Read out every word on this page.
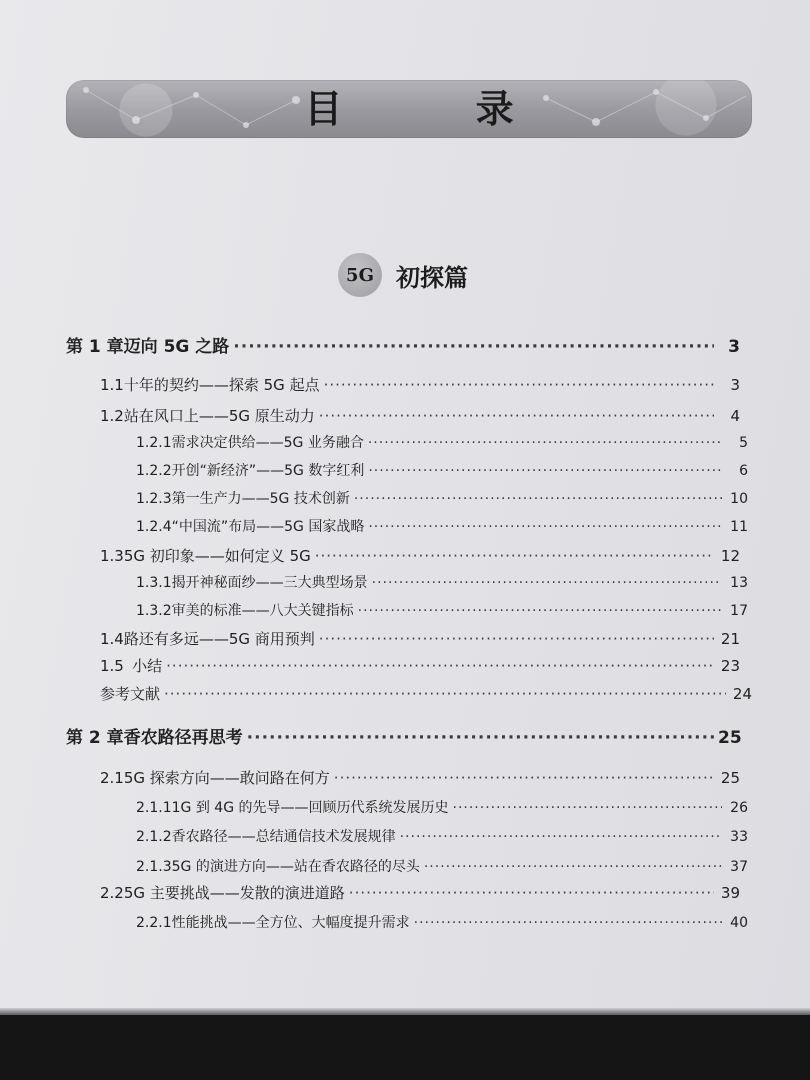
目 录
5G 初探篇
第 1 章 迈向 5G 之路 ·····	3
1.1 十年的契约——探索 5G 起点 ·····	3
1.2 站在风口上——5G 原生动力 ·····	4
1.2.1 需求决定供给——5G 业务融合 ·····	5
1.2.2 开创“新经济”——5G 数字红利 ·····	6
1.2.3 第一生产力——5G 技术创新 ·····	10
1.2.4 “中国流”布局——5G 国家战略 ·····	11
1.3 5G 初印象——如何定义 5G ·····	12
1.3.1 揭开神秘面纱——三大典型场景 ·····	13
1.3.2 审美的标准——八大关键指标 ·····	17
1.4 路还有多远——5G 商用预判 ·····	21
1.5 小结 ·····	23
参考文献 ·····	24
第 2 章 香农路径再思考 ·····	25
2.1 5G 探索方向——敢问路在何方 ·····	25
2.1.1 1G 到 4G 的先导——回顾历代系统发展历史 ·····	26
2.1.2 香农路径——总结通信技术发展规律 ·····	33
2.1.3 5G 的演进方向——站在香农路径的尽头 ·····	37
2.2 5G 主要挑战——发散的演进道路 ·····	39
2.2.1 性能挑战——全方位、大幅度提升需求 ·····	40
